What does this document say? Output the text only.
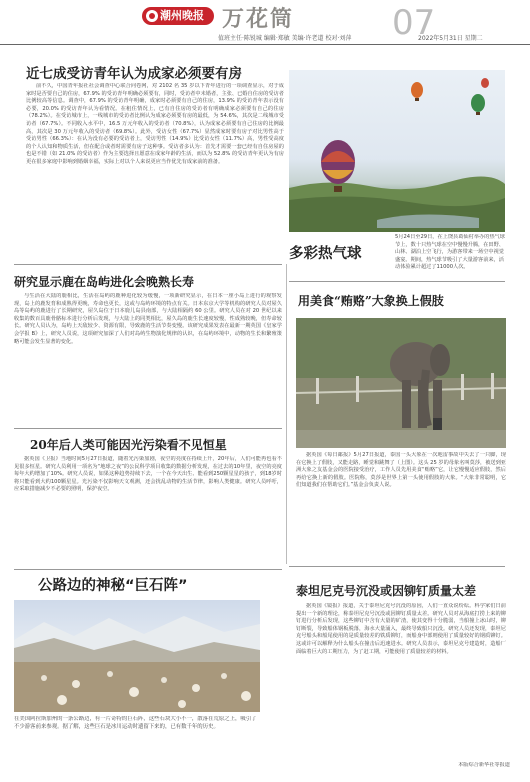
潮州晚报 万花筒	07
值班主任·陈锐城 编辑·郑敏 美编·许老道 校对·刘萍	2022年5月31日 星期二
近七成受访青年认为成家必须要有房
前不久，中国青年报社社会调查中心联合问卷网，对 2102 名 35 岁以下青年进行的一项调查显示，对于成家时是否要自己的住房，67.9% 的受访青年明确必须要有，同时，受访者中未婚者，主张、已婚自住房的受访者比例较高等信息。调查中，67.9% 的受访青年明确，成家时必须要有自己的住房，13.9% 的受访青年表示没有必要，20.0% 的受访青年认为看情况。在租住情况上，已有自住房的受访者有明确成家必须要有自己的住房（78.2%）。在受访城市上，一线城市的受访者比例认为成家必须要有房的最低，为 54.6%，其次是二线城市受访者（67.7%）。不同收入水平中，16.5 万元年收入的受访者（70.8%），认为成家必须要有自己住房的比例最高，其次是 30 万元年收入的受访者（69.8%）。此外，受访女性（67.7%）显然成家时要有房子对比男性高于受访男性（66.3%）：在认为没有必要的受访者上，受访男性（14.9%）比受访女性（11.7%）高，男性受高度的个人认知和物质生活，但在配合或者时需要有房子这种事。受访者多认为：首先才需要一套已经有自住房屋的也是不错（如 21.0% 的受访者）作为主要选择且愿意在成家年龄的生活，而以为 52.8% 的受访青年更认为有房更在很多家庭中影响到婚姻幸福，实际上对以个人来说更应当作优先有成家前的准备。
5月24日至29日，在上饶县葛仙村举办的热气球节上，数十只热气球在空中慢慢升腾，在田野、山林、湖泊上空飞行，为游客带来一场空中视觉盛宴。期间，热气球节吸引了大量游客前来，活动体验累计超过了11000人次。
多彩热气球
研究显示鹿在岛屿进化会晚熟长寿
与生活在大陆的鹿相比，生活在岛屿的鹿种进化较为缓慢，一项新研究显示，在日本一座小岛上进行的观察发现，岛上的鹿发育和成熟得更晚，寿命也更长，这或与岛屿环境的特点有关。日本东京大学等机构的研究人员对屋久岛等岛屿的鹿进行了长期研究，屋久岛位于日本鹿儿岛县南部，与大陆相隔约 60 公里。研究人员在对 20 世纪以来收集的数百具鹿骨骼标本进行分析后发现，与大陆上的同类相比，屋久岛的鹿生长速度较慢，性成熟较晚，但寿命较长。研究人员认为，岛屿上天敌较少、资源有限，导致鹿的生活节奏变慢。该研究成果发表在最新一期英国《皇家学会学报 B》上，研究人员说，这项研究加深了人们对岛屿生物演化规律的认识，在岛屿环境中，动物的生长和繁殖策略可能会发生显著的变化。
用美食“贿赂”大象换上假肢
据英国《每日邮报》5月27日报道，泰国一头大象在一次地雷事故中失去了一只脚，现在它换上了假肢，又能走路，睡觉和跳舞了（上图）。这头 25 岁的母象名叫莫莎，被送到亚洲大象之友基金会的医院接受治疗，工作人员先用美食“贿赂”它，让它慢慢适应假肢，然后再给它换上新的假肢。医院称，莫莎是世界上第一头使用假肢的大象。“大象非常聪明，它们知道我们在帮助它们。”基金会负责人说。
20年后人类可能因光污染看不见恒星
据英国《卫报》当地时间5月27日报道，随着光污染加剧，夜空的亮度在持续上升，20年后，人们可能再也看不见很多恒星。研究人员利用一项名为“地球之夜”的公民科学项目收集的数据分析发现，在过去的10年里，夜空的亮度每年大约增加了10%。研究人员说，如果这种趋势持续下去，一个在今天出生、能看到250颗星星的孩子，到18岁时将只能看到大约100颗星星。光污染不仅影响天文观测，还会扰乱动物的生活节律，影响人类健康。研究人员呼吁，应采取措施减少不必要的照明，保护夜空。
公路边的神秘“巨石阵”
在美国阿拉斯加州的一条公路边，有一片奇特的巨石阵，这些石块大小不一，散落在荒原之上，吸引了不少游客前来参观。据了解，这些巨石是冰川运动时遗留下来的，已有数千年的历史。
泰坦尼克号沉没或因铆钉质量太差
据英国《镜报》报道，关于泰坦尼克号沉没的原因，人们一直众说纷纭。科学家们日前提出一个新的理论，称泰坦尼克号沉没或因铆钉质量太差。研究人员对从海底打捞上来的铆钉进行分析后发现，这些铆钉中含有大量的矿渣，使其变得十分脆弱，当船撞上冰山时，铆钉断裂，导致船体钢板脱落，海水大量涌入，最终导致船只沉没。研究人员还发现，泰坦尼克号船头和船尾使用的是质量较差的铁质铆钉，而船身中部则使用了质量较好的钢质铆钉。这或许可以解释为什么船头在撞击后迅速进水。研究人员表示，泰坦尼克号建造时，造船厂面临着巨大的工期压力，为了赶工期，可能使用了质量较差的材料。
本版综合新华社等报道
